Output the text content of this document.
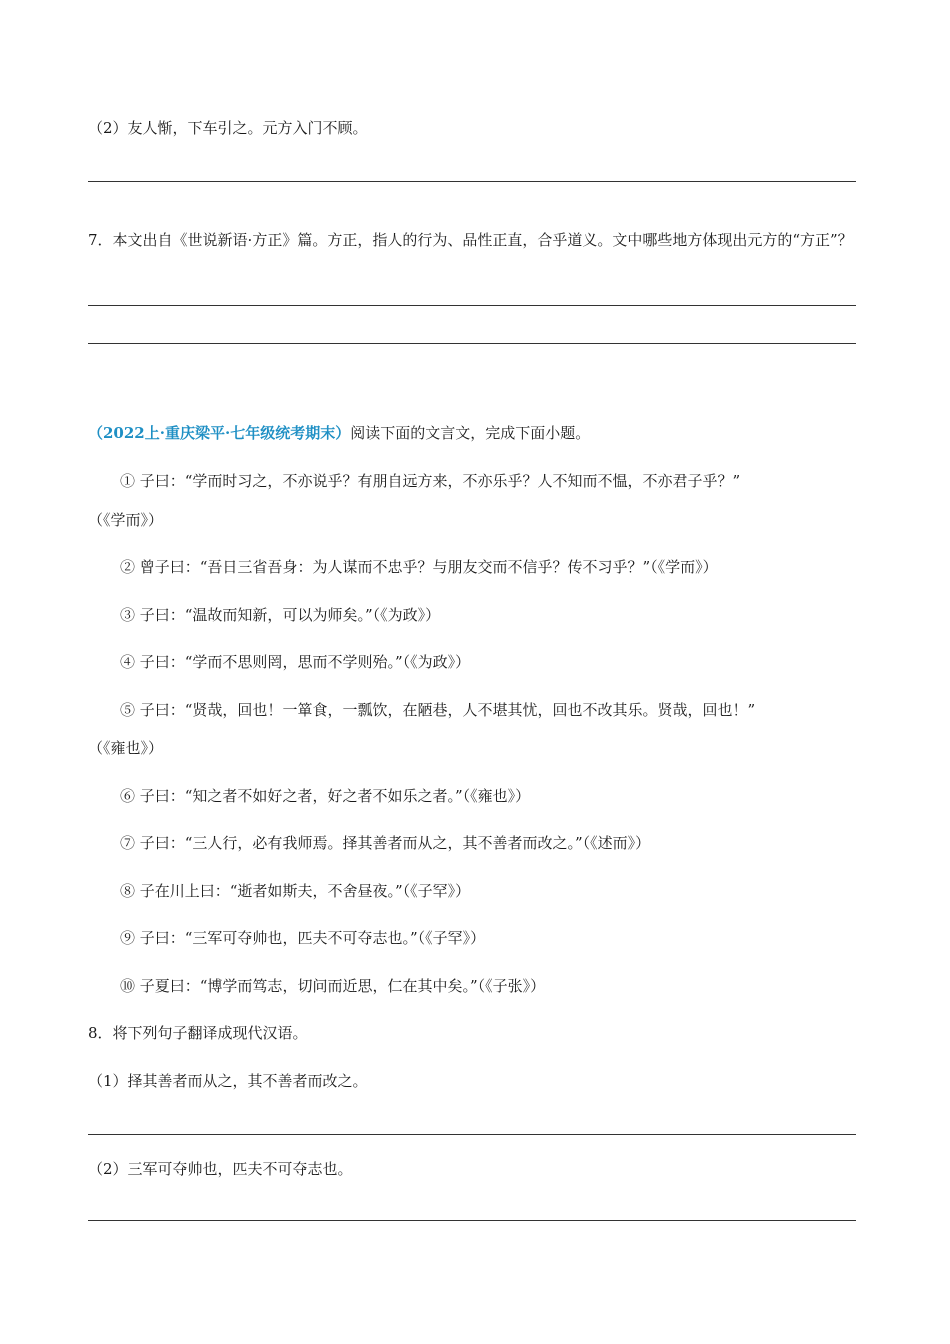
（2）友人惭，下车引之。元方入门不顾。
7．本文出自《世说新语·方正》篇。方正，指人的行为、品性正直，合乎道义。文中哪些地方体现出元方的“方正”？
（2022上·重庆梁平·七年级统考期末）阅读下面的文言文，完成下面小题。
① 子曰：“学而时习之，不亦说乎？有朋自远方来，不亦乐乎？人不知而不愠，不亦君子乎？”
（《学而》）
② 曾子曰：“吾日三省吾身：为人谋而不忠乎？与朋友交而不信乎？传不习乎？”（《学而》）
③ 子曰：“温故而知新，可以为师矣。”（《为政》）
④ 子曰：“学而不思则罔，思而不学则殆。”（《为政》）
⑤ 子曰：“贤哉，回也！一箪食，一瓢饮，在陋巷，人不堪其忧，回也不改其乐。贤哉，回也！”
（《雍也》）
⑥ 子曰：“知之者不如好之者，好之者不如乐之者。”（《雍也》）
⑦ 子曰：“三人行，必有我师焉。择其善者而从之，其不善者而改之。”（《述而》）
⑧ 子在川上曰：“逝者如斯夫，不舍昼夜。”（《子罕》）
⑨ 子曰：“三军可夺帅也，匹夫不可夺志也。”（《子罕》）
⑩ 子夏曰：“博学而笃志，切问而近思，仁在其中矣。”（《子张》）
8．将下列句子翻译成现代汉语。
（1）择其善者而从之，其不善者而改之。
（2）三军可夺帅也，匹夫不可夺志也。
